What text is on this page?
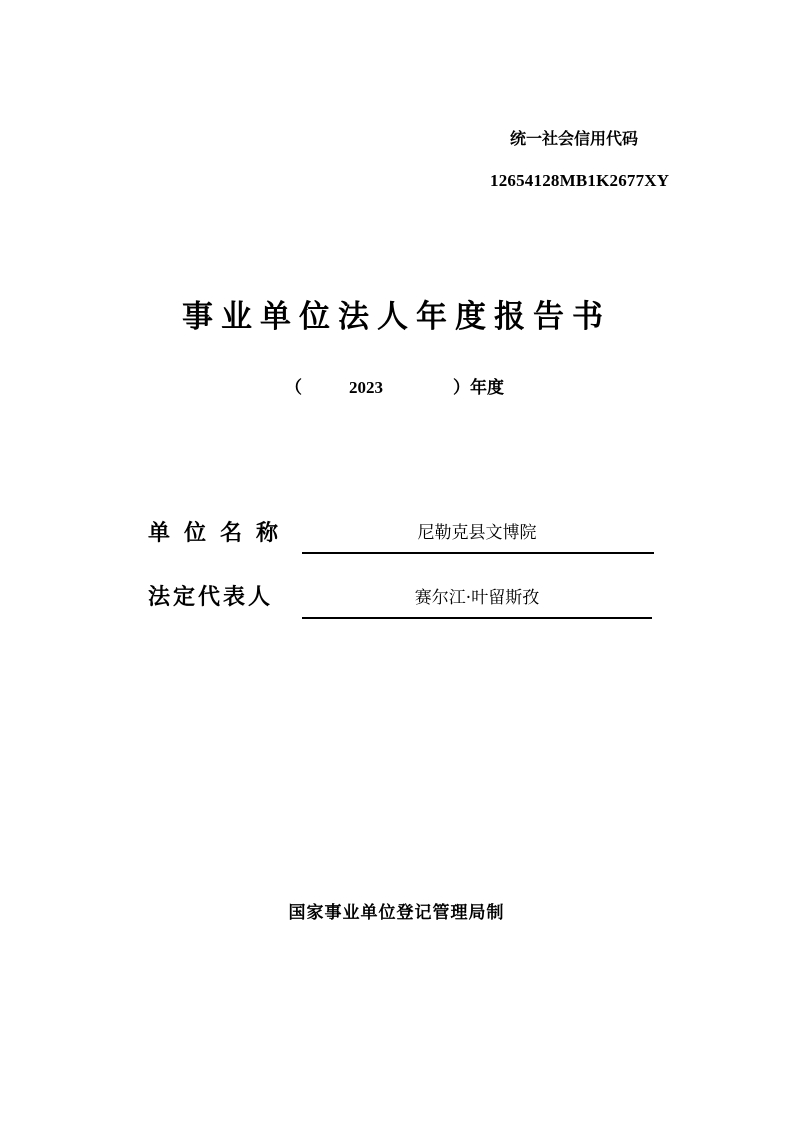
统一社会信用代码
12654128MB1K2677XY
事业单位法人年度报告书
（	2023	）年度
单位名称	尼勒克县文博院
法定代表人	赛尔江·叶留斯孜
国家事业单位登记管理局制
